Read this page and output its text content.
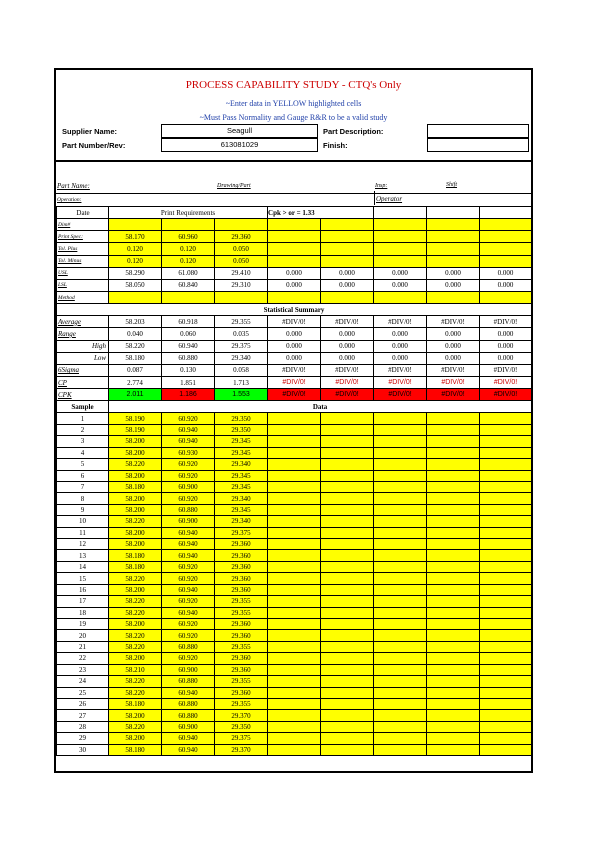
PROCESS CAPABILITY STUDY - CTQ's Only
~Enter data in YELLOW highlighted cells
~Must Pass Normality and Gauge R&R to be a valid study
Supplier Name:	Seagull
Part Number/Rev:	613081029
Part Description:
Finish:
Part Name:	Drawing/Part	Insp:	Shift
Operation:	Operator
Date	Print Requirements			Cpk > or = 1.33				
Dim#								
Print Spec:	58.170	60.960	29.360					
Tol. Plus	0.120	0.120	0.050					
Tol. Minus	0.120	0.120	0.050					
USL	58.290	61.080	29.410	0.000	0.000	0.000	0.000	0.000
LSL	58.050	60.840	29.310	0.000	0.000	0.000	0.000	0.000
Method								
Statistical Summary								
Average	58.203	60.918	29.355	#DIV/0!	#DIV/0!	#DIV/0!	#DIV/0!	#DIV/0!
Range	0.040	0.060	0.035	0.000	0.000	0.000	0.000	0.000
High	58.220	60.940	29.375	0.000	0.000	0.000	0.000	0.000
Low	58.180	60.880	29.340	0.000	0.000	0.000	0.000	0.000
6Sigma	0.087	0.130	0.058	#DIV/0!	#DIV/0!	#DIV/0!	#DIV/0!	#DIV/0!
CP	2.774	1.851	1.713	#DIV/0!	#DIV/0!	#DIV/0!	#DIV/0!	#DIV/0!
CPK	2.011	1.186	1.553	#DIV/0!	#DIV/0!	#DIV/0!	#DIV/0!	#DIV/0!
Sample	Data							
1	58.190	60.920	29.350					
2	58.190	60.940	29.350					
3	58.200	60.940	29.345					
4	58.200	60.930	29.345					
5	58.220	60.920	29.340					
6	58.200	60.920	29.345					
7	58.180	60.900	29.345					
8	58.200	60.920	29.340					
9	58.200	60.880	29.345					
10	58.220	60.900	29.340					
11	58.200	60.940	29.375					
12	58.200	60.940	29.360					
13	58.180	60.940	29.360					
14	58.180	60.920	29.360					
15	58.220	60.920	29.360					
16	58.200	60.940	29.360					
17	58.220	60.920	29.355					
18	58.220	60.940	29.355					
19	58.200	60.920	29.360					
20	58.220	60.920	29.360					
21	58.220	60.880	29.355					
22	58.200	60.920	29.360					
23	58.210	60.900	29.360					
24	58.220	60.880	29.355					
25	58.220	60.940	29.360					
26	58.180	60.880	29.355					
27	58.200	60.880	29.370					
28	58.220	60.900	29.350					
29	58.200	60.940	29.375					
30	58.180	60.940	29.370					
